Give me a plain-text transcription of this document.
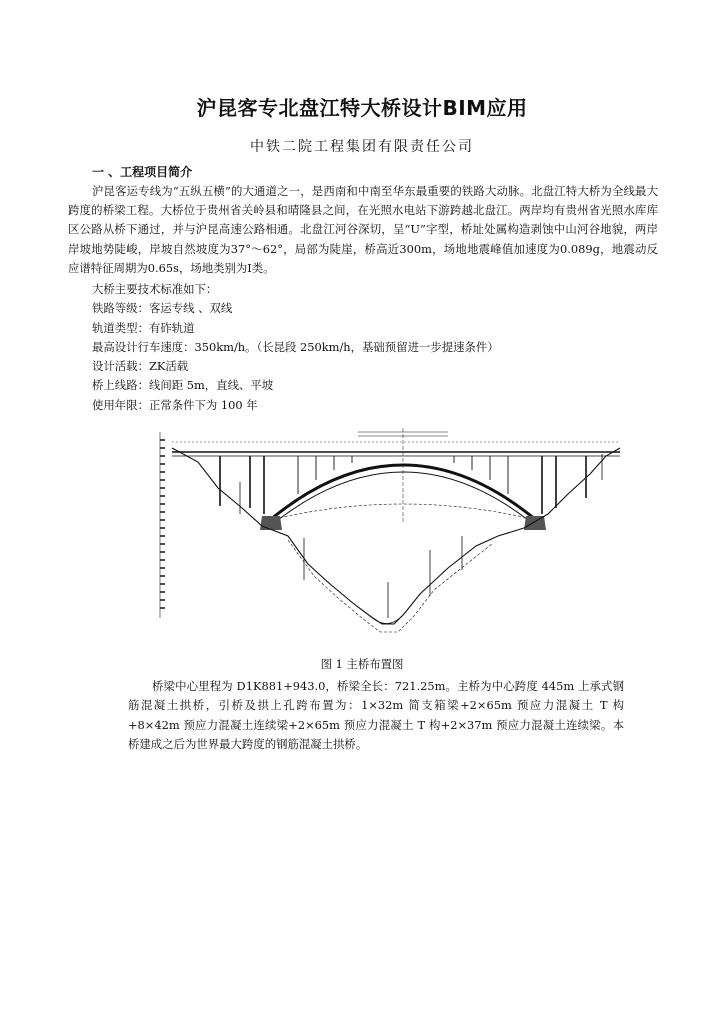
沪昆客专北盘江特大桥设计BIM应用
中铁二院工程集团有限责任公司
一 、工程项目简介
沪昆客运专线为“五纵五横”的大通道之一，是西南和中南至华东最重要的铁路大动脉。北盘江特大桥为全线最大跨度的桥梁工程。大桥位于贵州省关岭县和晴隆县之间，在光照水电站下游跨越北盘江。两岸均有贵州省光照水库库区公路从桥下通过，并与沪昆高速公路相通。北盘江河谷深切，呈“U”字型，桥址处属构造剥蚀中山河谷地貌，两岸岸坡地势陡峻，岸坡自然坡度为37°～62°，局部为陡崖，桥高近300m，场地地震峰值加速度为0.089g，地震动反应谱特征周期为0.65s，场地类别为Ⅰ类。
大桥主要技术标准如下：
铁路等级：客运专线 、双线
轨道类型：有砟轨道
最高设计行车速度：350km/h。（长昆段 250km/h，基础预留进一步提速条件）
设计活载：ZK活载
桥上线路：线间距 5m，直线、平坡
使用年限：正常条件下为 100 年
图 1 主桥布置图
桥梁中心里程为 D1K881+943.0，桥梁全长：721.25m。主桥为中心跨度 445m 上承式钢筋混凝土拱桥，引桥及拱上孔跨布置为：1×32m 简支箱梁+2×65m 预应力混凝土 T 构+8×42m 预应力混凝土连续梁+2×65m 预应力混凝土 T 构+2×37m 预应力混凝土连续梁。本桥建成之后为世界最大跨度的钢筋混凝土拱桥。
